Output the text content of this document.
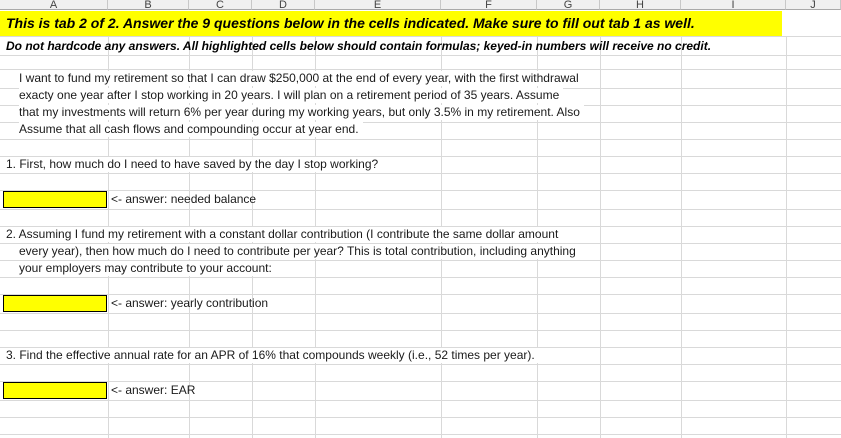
A	B	C	D	E	F	G	H	I	J
This is tab 2 of 2. Answer the 9 questions below in the cells indicated. Make sure to fill out tab 1 as well.
Do not hardcode any answers. All highlighted cells below should contain formulas; keyed-in numbers will receive no credit.
I want to fund my retirement so that I can draw $250,000 at the end of every year, with the first withdrawal
exacty one year after I stop working in 20 years. I will plan on a retirement period of 35 years. Assume
that my investments will return 6% per year during my working years, but only 3.5% in my retirement. Also
Assume that all cash flows and compounding occur at year end.
1. First, how much do I need to have saved by the day I stop working?
<- answer: needed balance
2. Assuming I fund my retirement with a constant dollar contribution (I contribute the same dollar amount
every year), then how much do I need to contribute per year? This is total contribution, including anything
your employers may contribute to your account:
<- answer: yearly contribution
3. Find the effective annual rate for an APR of 16% that compounds weekly (i.e., 52 times per year).
<- answer: EAR
